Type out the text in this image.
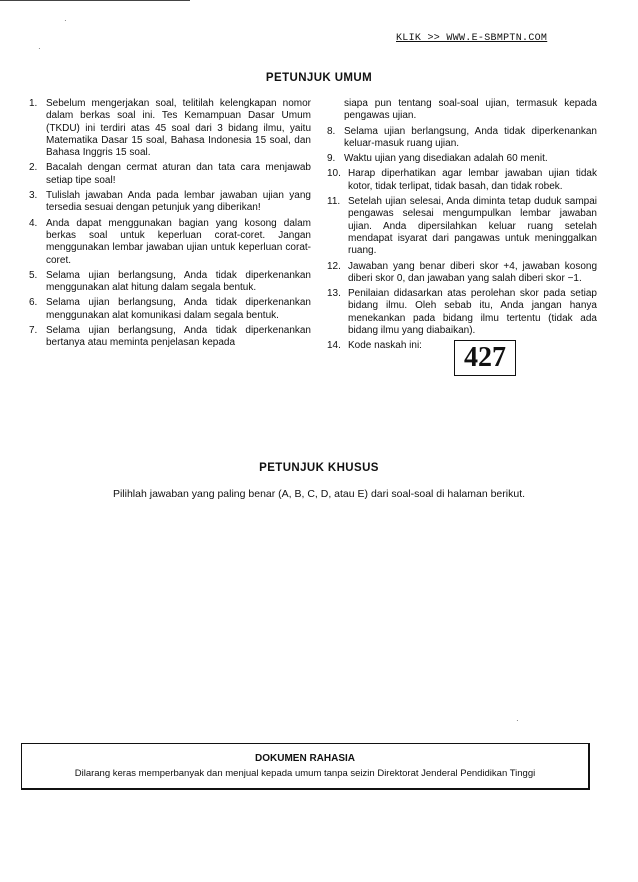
·
·
KLIK >> WWW.E-SBMPTN.COM
PETUNJUK UMUM
1. Sebelum mengerjakan soal, telitilah kelengkapan nomor dalam berkas soal ini. Tes Kemampuan Dasar Umum (TKDU) ini terdiri atas 45 soal dari 3 bidang ilmu, yaitu Matematika Dasar 15 soal, Bahasa Indonesia 15 soal, dan Bahasa Inggris 15 soal.
2. Bacalah dengan cermat aturan dan tata cara menjawab setiap tipe soal!
3. Tulislah jawaban Anda pada lembar jawaban ujian yang tersedia sesuai dengan petunjuk yang diberikan!
4. Anda dapat menggunakan bagian yang kosong dalam berkas soal untuk keperluan corat-coret. Jangan menggunakan lembar jawaban ujian untuk keperluan corat-coret.
5. Selama ujian berlangsung, Anda tidak diperkenankan menggunakan alat hitung dalam segala bentuk.
6. Selama ujian berlangsung, Anda tidak diperkenankan menggunakan alat komunikasi dalam segala bentuk.
7. Selama ujian berlangsung, Anda tidak diperkenankan bertanya atau meminta penjelasan kepada
siapa pun tentang soal-soal ujian, termasuk kepada pengawas ujian.
8. Selama ujian berlangsung, Anda tidak diperkenankan keluar-masuk ruang ujian.
9. Waktu ujian yang disediakan adalah 60 menit.
10. Harap diperhatikan agar lembar jawaban ujian tidak kotor, tidak terlipat, tidak basah, dan tidak robek.
11. Setelah ujian selesai, Anda diminta tetap duduk sampai pengawas selesai mengumpulkan lembar jawaban ujian. Anda dipersilahkan keluar ruang setelah mendapat isyarat dari pangawas untuk meninggalkan ruang.
12. Jawaban yang benar diberi skor +4, jawaban kosong diberi skor 0, dan jawaban yang salah diberi skor −1.
13. Penilaian didasarkan atas perolehan skor pada setiap bidang ilmu. Oleh sebab itu, Anda jangan hanya menekankan pada bidang ilmu tertentu (tidak ada bidang ilmu yang diabaikan).
14. Kode naskah ini:	427
PETUNJUK KHUSUS
Pilihlah jawaban yang paling benar (A, B, C, D, atau E) dari soal-soal di halaman berikut.
·
DOKUMEN RAHASIA
Dilarang keras memperbanyak dan menjual kepada umum tanpa seizin Direktorat Jenderal Pendidikan Tinggi
